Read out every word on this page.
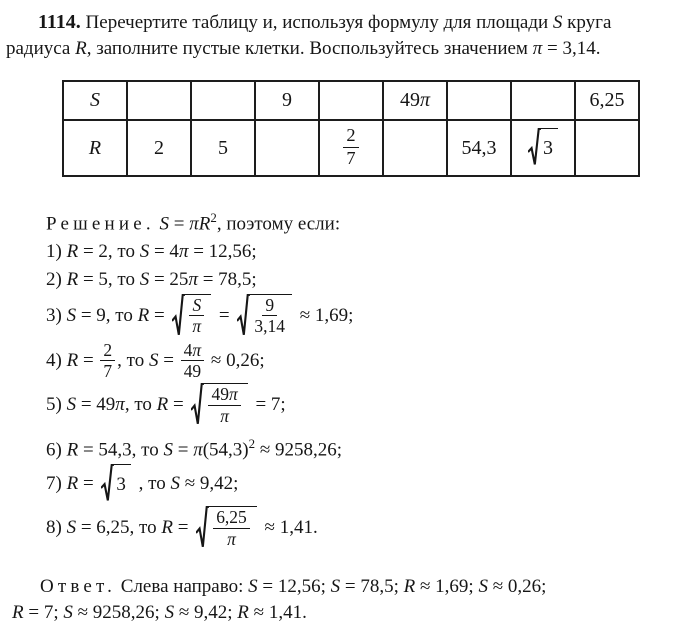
1114. Перечертите таблицу и, используя формулу для площади S круга
радиуса R, заполните пустые клетки. Воспользуйтесь значением π = 3,14.
S			9		49π			6,25
R	2	5		$\frac{2}{7}$		54,3	3	

Решение. $S = \pi R^2$, поэтому если:
1) R = 2, то S = 4π = 12,56;
2) R = 5, то S = 25π = 78,5;
3) S = 9, то $R = \frac{S}{\pi} = \frac{9}{3,14} \approx 1,69$;
4) $R = \frac{2}{7}$ , то $S = \frac{4\pi}{49} \approx 0,26$;
5) S = 49π, то $R = \frac{49\pi}{\pi} = 7$;
6) R = 54,3, то $S = \pi(54,3)^2 \approx 9258,26$;
7) R = 3 , то S ≈ 9,42;
8) S = 6,25, то $R = \frac{6,25}{\pi} \approx 1,41$.
Ответ. Слева направо: S = 12,56; S = 78,5; R ≈ 1,69; S ≈ 0,26;
R = 7; S ≈ 9258,26; S ≈ 9,42; R ≈ 1,41.
